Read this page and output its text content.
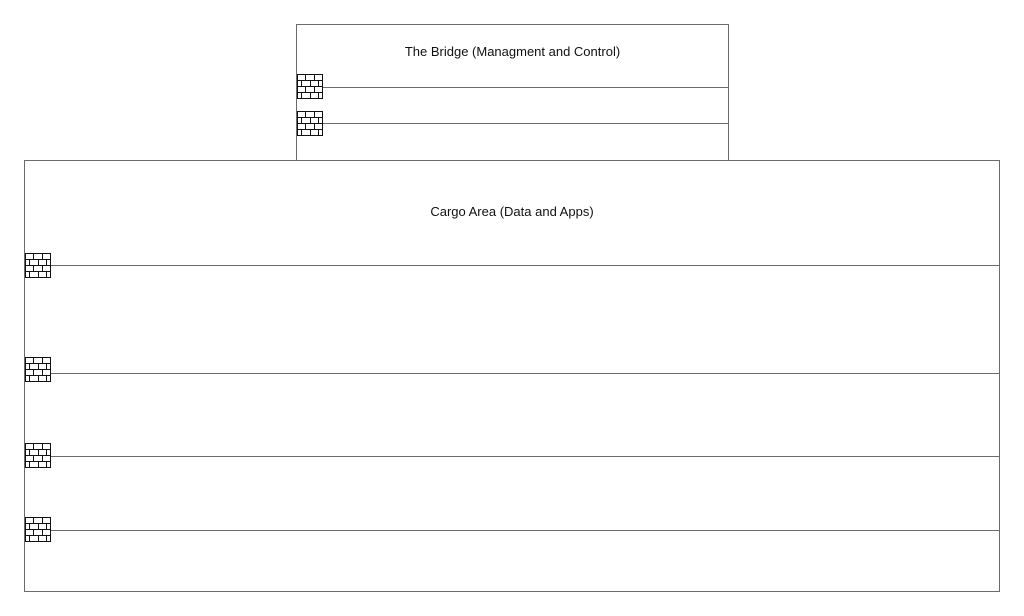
The Bridge (Managment and Control)
Cargo Area (Data and Apps)
